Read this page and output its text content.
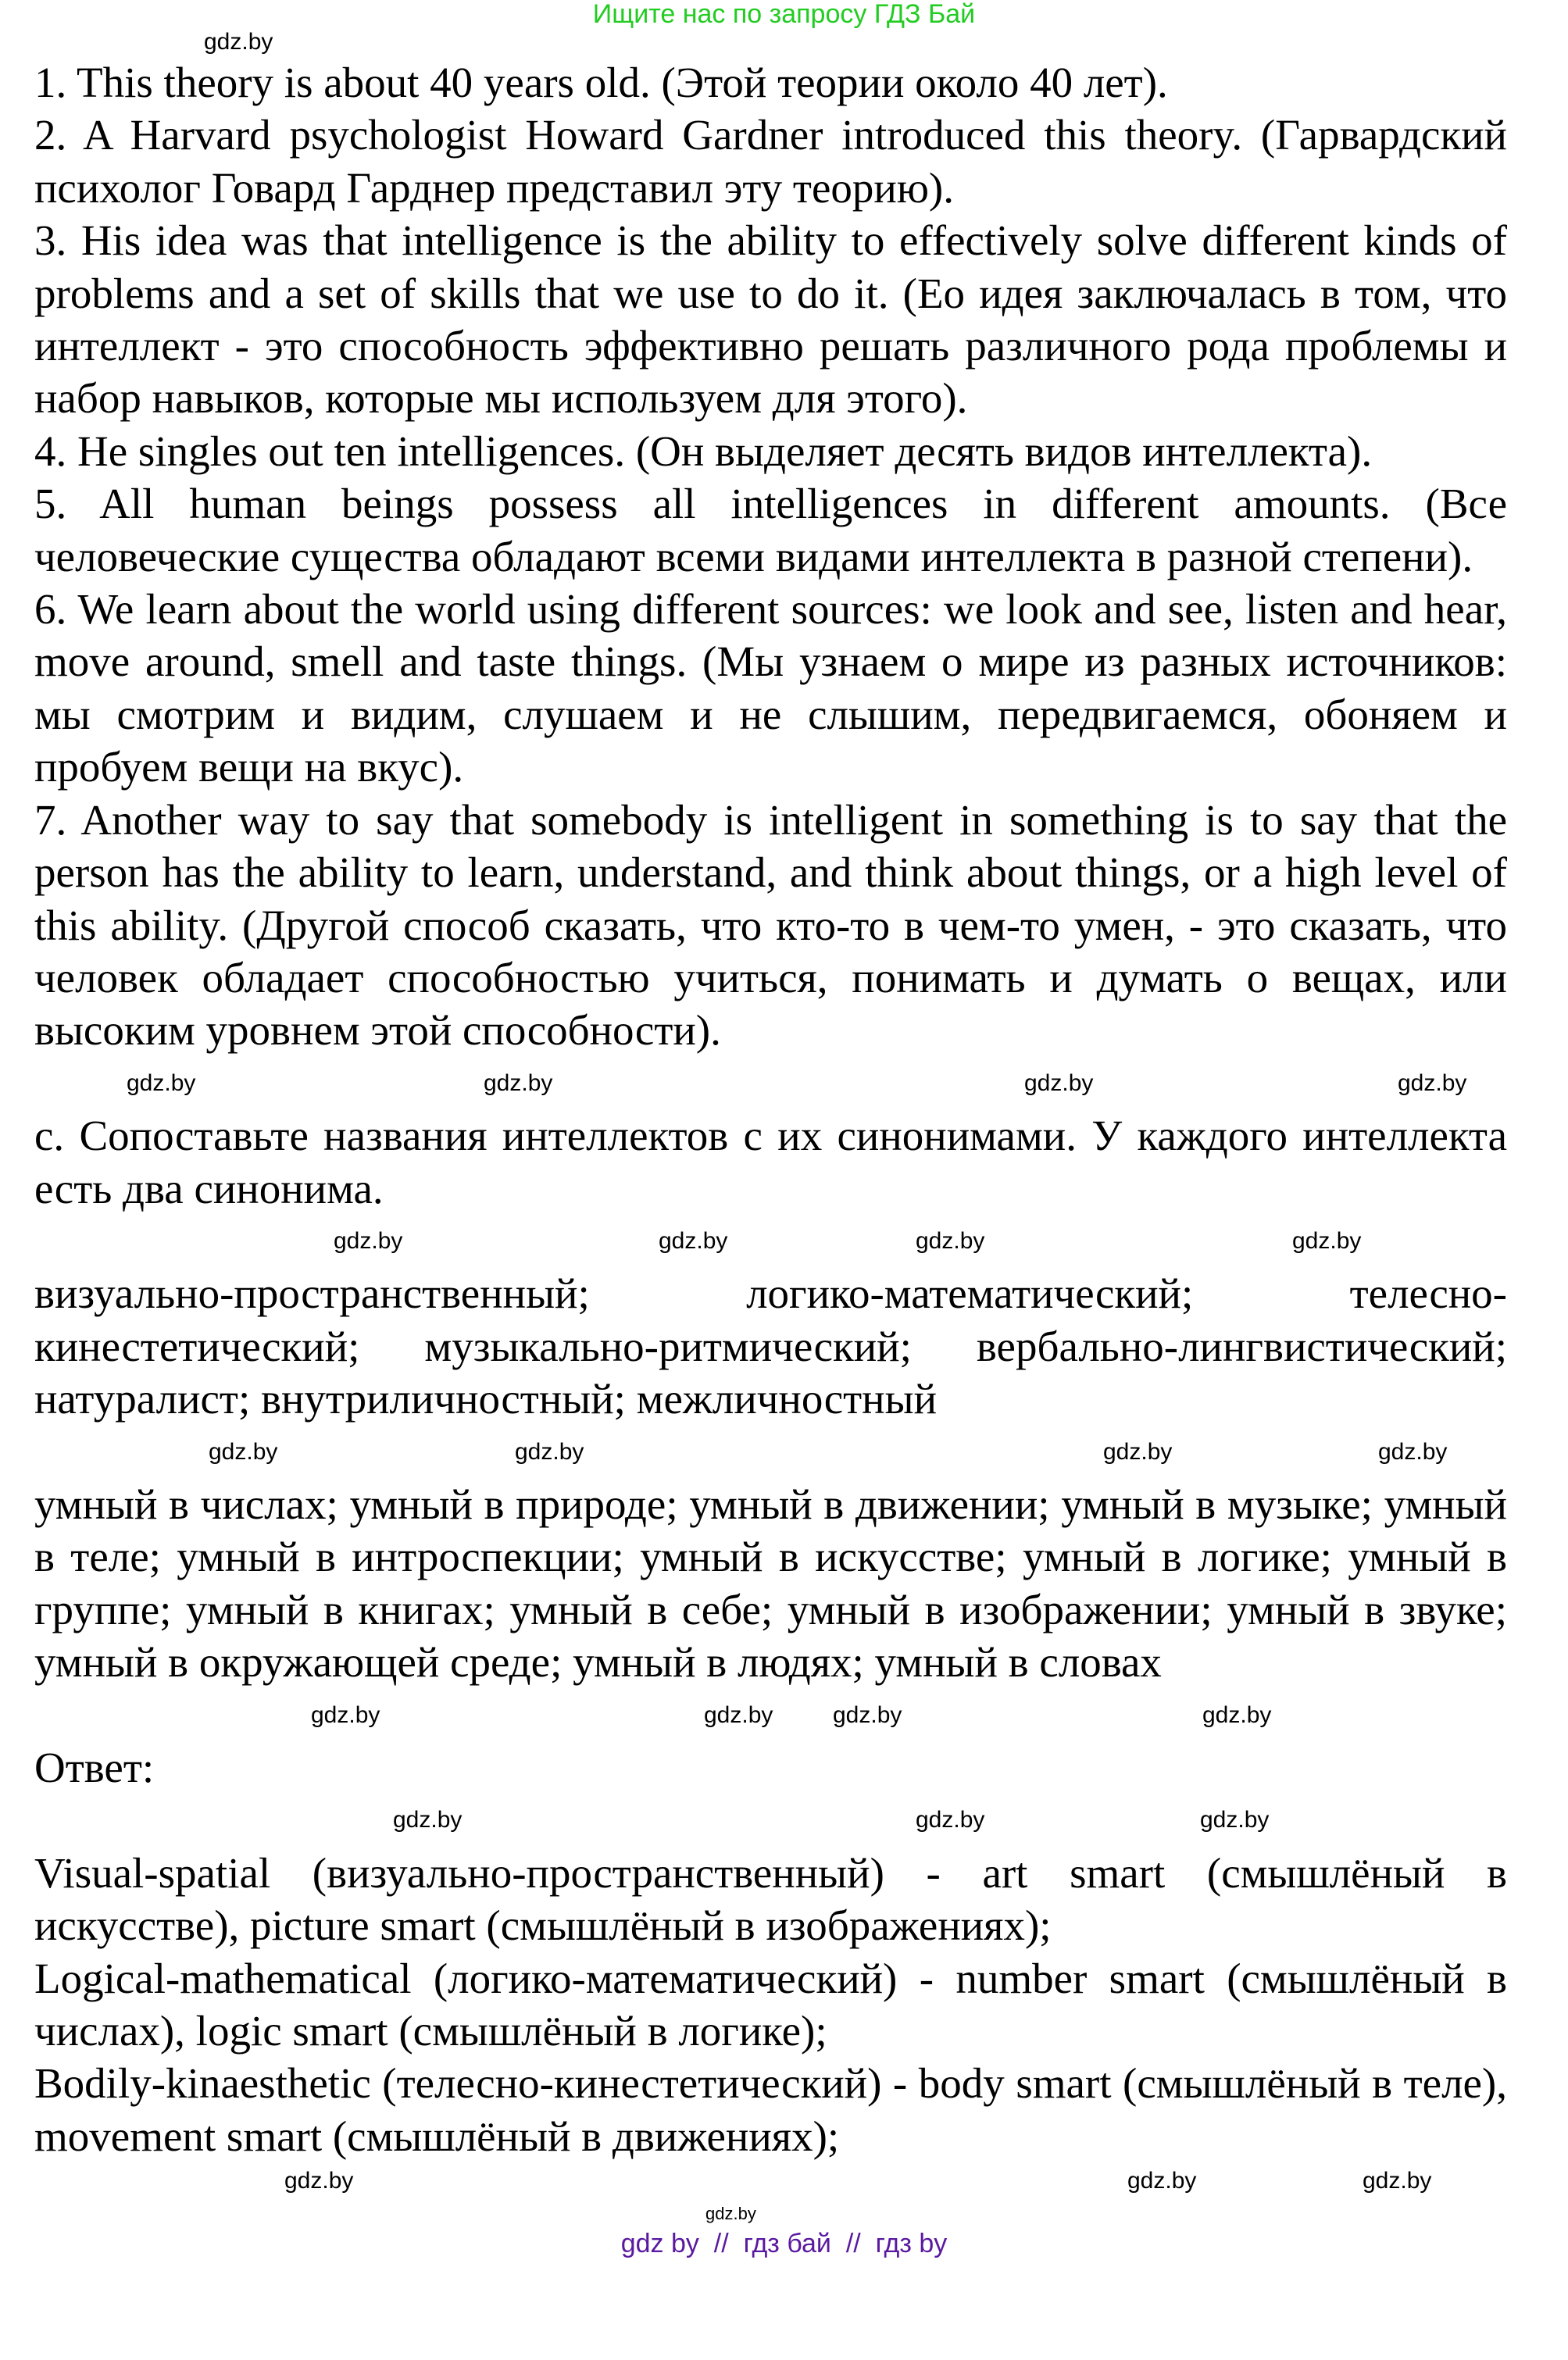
Ищите нас по запросу ГДЗ Бай
gdz.by

1. This theory is about 40 years old. (Этой теории около 40 лет).

2. A Harvard psychologist Howard Gardner introduced this theory. (Гарвардский психолог Говард Гарднер представил эту теорию).

3. His idea was that intelligence is the ability to effectively solve different kinds of problems and a set of skills that we use to do it. (Ео идея заключалась в том, что интеллект - это способность эффективно решать различного рода проблемы и набор навыков, которые мы используем для этого).

4. He singles out ten intelligences. (Он выделяет десять видов интеллекта).

5. All human beings possess all intelligences in different amounts. (Все человеческие существа обладают всеми видами интеллекта в разной степени).

6. We learn about the world using different sources: we look and see, listen and hear, move around, smell and taste things. (Мы узнаем о мире из разных источников: мы смотрим и видим, слушаем и не слышим, передвигаемся, обоняем и пробуем вещи на вкус).

7. Another way to say that somebody is intelligent in something is to say that the person has the ability to learn, understand, and think about things, or a high level of this ability. (Другой способ сказать, что кто-то в чем-то умен, - это сказать, что человек обладает способностью учиться, понимать и думать о вещах, или высоким уровнем этой способности).

gdz.by	gdz.by	gdz.by	gdz.by

c. Сопоставьте названия интеллектов с их синонимами. У каждого интеллекта есть два синонима.

gdz.by	gdz.by	gdz.by	gdz.by

визуально-пространственный; логико-математический; телесно-кинестетический; музыкально-ритмический; вербально-лингвистический; натуралист; внутриличностный; межличностный

gdz.by	gdz.by	gdz.by	gdz.by

умный в числах; умный в природе; умный в движении; умный в музыке; умный в теле; умный в интроспекции; умный в искусстве; умный в логике; умный в группе; умный в книгах; умный в себе; умный в изображении; умный в звуке; умный в окружающей среде; умный в людях; умный в словах

gdz.by	gdz.by	gdz.by	gdz.by

Ответ:

gdz.by	gdz.by	gdz.by

Visual-spatial (визуально-пространственный) - art smart (смышлёный в искусстве), picture smart (смышлёный в изображениях);

Logical-mathematical (логико-математический) - number smart (смышлёный в числах), logic smart (смышлёный в логике);

Bodily-kinaesthetic (телесно-кинестетический) - body smart (смышлёный в теле), movement smart (смышлёный в движениях);

gdz.by	gdz.by	gdz.by
gdz.by
gdz by  //  гдз бай  //  гдз by
